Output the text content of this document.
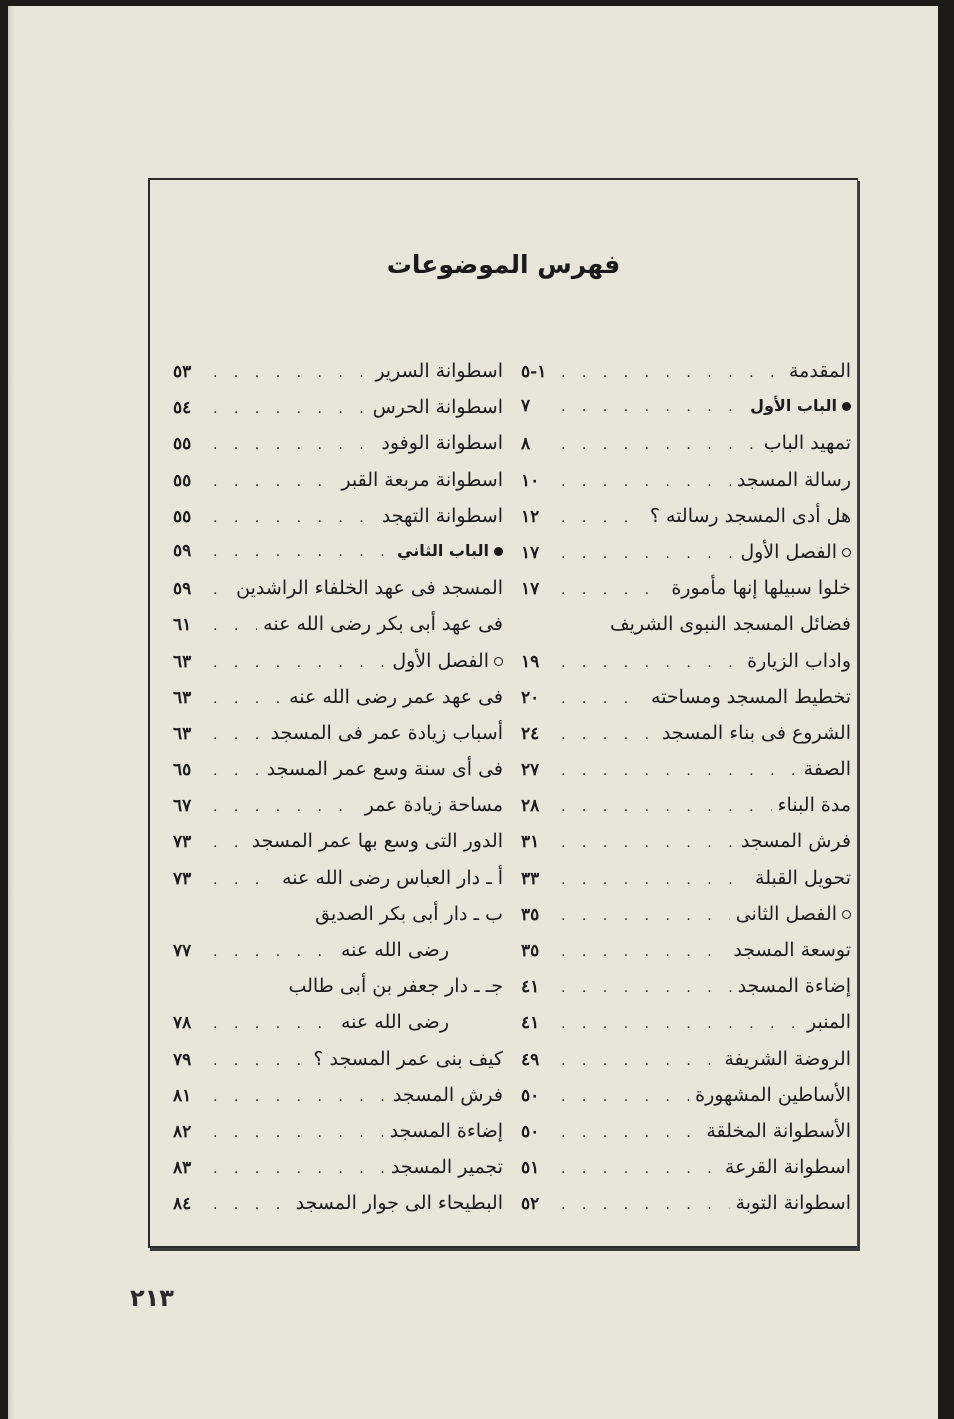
فهرس الموضوعات
المقدمة
. . .
١-٥
الباب الأول
. . .
٧
تمهيد الباب
. . .
٨
رسالة المسجد
. . .
١٠
هل أدى المسجد رسالته ؟
. . .
١٢
الفصل الأول
. . .
١٧
خلوا سبيلها إنها مأمورة
. . .
١٧
فضائل المسجد النبوى الشريف
واداب الزيارة
. . .
١٩
تخطيط المسجد ومساحته
. . .
٢٠
الشروع فى بناء المسجد
. . .
٢٤
الصفة
. . .
٢٧
مدة البناء
. . .
٢٨
فرش المسجد
. . .
٣١
تحويل القبلة
. . .
٣٣
الفصل الثانى
. . .
٣٥
توسعة المسجد
. . .
٣٥
إضاءة المسجد
. . .
٤١
المنبر
. . .
٤١
الروضة الشريفة
. . .
٤٩
الأساطين المشهورة
. . .
٥٠
الأسطوانة المخلقة
. . .
٥٠
اسطوانة القرعة
. . .
٥١
اسطوانة التوبة
. . .
٥٢
اسطوانة السرير
. . .
٥٣
اسطوانة الحرس
. . .
٥٤
اسطوانة الوفود
. . .
٥٥
اسطوانة مربعة القبر
. . .
٥٥
اسطوانة التهجد
. . .
٥٥
الباب الثاني
. . .
٥٩
المسجد فى عهد الخلفاء الراشدين
. . .
٥٩
فى عهد أبى بكر رضى الله عنه
. . .
٦١
الفصل الأول
. . .
٦٣
فى عهد عمر رضى الله عنه
. . .
٦٣
أسباب زيادة عمر فى المسجد
. . .
٦٣
فى أى سنة وسع عمر المسجد
. . .
٦٥
مساحة زيادة عمر
. . .
٦٧
الدور التى وسع بها عمر المسجد
. . .
٧٣
أ ـ دار العباس رضى الله عنه
. . .
٧٣
ب ـ دار أبى بكر الصديق
رضى الله عنه
. . .
٧٧
جـ ـ دار جعفر بن أبى طالب
رضى الله عنه
. . .
٧٨
كيف بنى عمر المسجد ؟
. . .
٧٩
فرش المسجد
. . .
٨١
إضاءة المسجد
. . .
٨٢
تجمير المسجد
. . .
٨٣
البطيحاء الى جوار المسجد
. . .
٨٤
٢١٣
